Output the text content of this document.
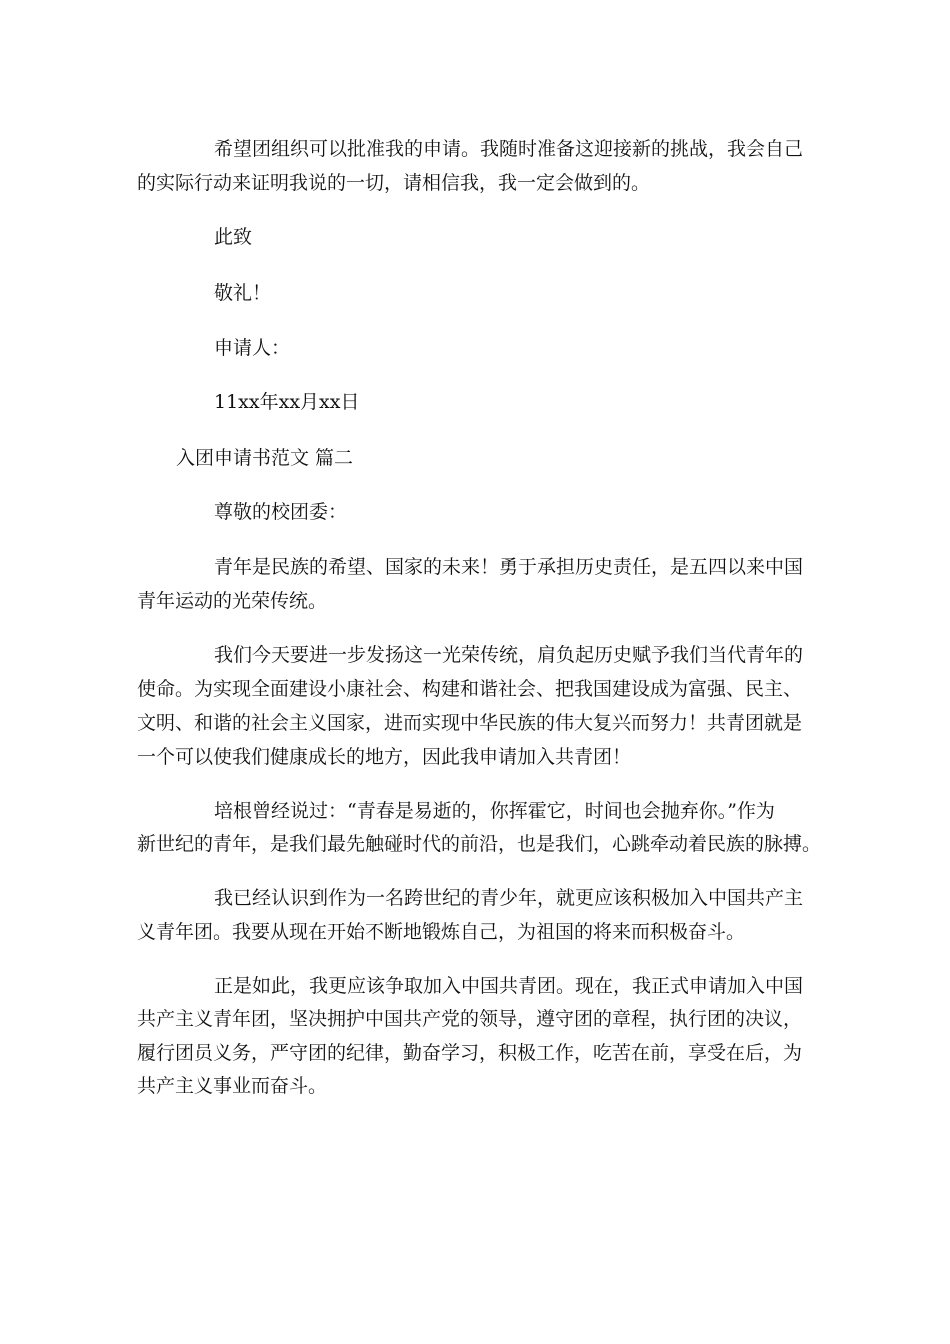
希望团组织可以批准我的申请。我随时准备这迎接新的挑战，我会自己
的实际行动来证明我说的一切，请相信我，我一定会做到的。
此致
敬礼！
申请人：
11xx年xx月xx日
入团申请书范文 篇二
尊敬的校团委：
青年是民族的希望、国家的未来！勇于承担历史责任，是五四以来中国
青年运动的光荣传统。
我们今天要进一步发扬这一光荣传统，肩负起历史赋予我们当代青年的
使命。为实现全面建设小康社会、构建和谐社会、把我国建设成为富强、民主、
文明、和谐的社会主义国家，进而实现中华民族的伟大复兴而努力！共青团就是
一个可以使我们健康成长的地方，因此我申请加入共青团！
培根曾经说过：“青春是易逝的，你挥霍它，时间也会抛弃你。”作为
新世纪的青年，是我们最先触碰时代的前沿，也是我们，心跳牵动着民族的脉搏。
我已经认识到作为一名跨世纪的青少年，就更应该积极加入中国共产主
义青年团。我要从现在开始不断地锻炼自己，为祖国的将来而积极奋斗。
正是如此，我更应该争取加入中国共青团。现在，我正式申请加入中国
共产主义青年团，坚决拥护中国共产党的领导，遵守团的章程，执行团的决议，
履行团员义务，严守团的纪律，勤奋学习，积极工作，吃苦在前，享受在后，为
共产主义事业而奋斗。
